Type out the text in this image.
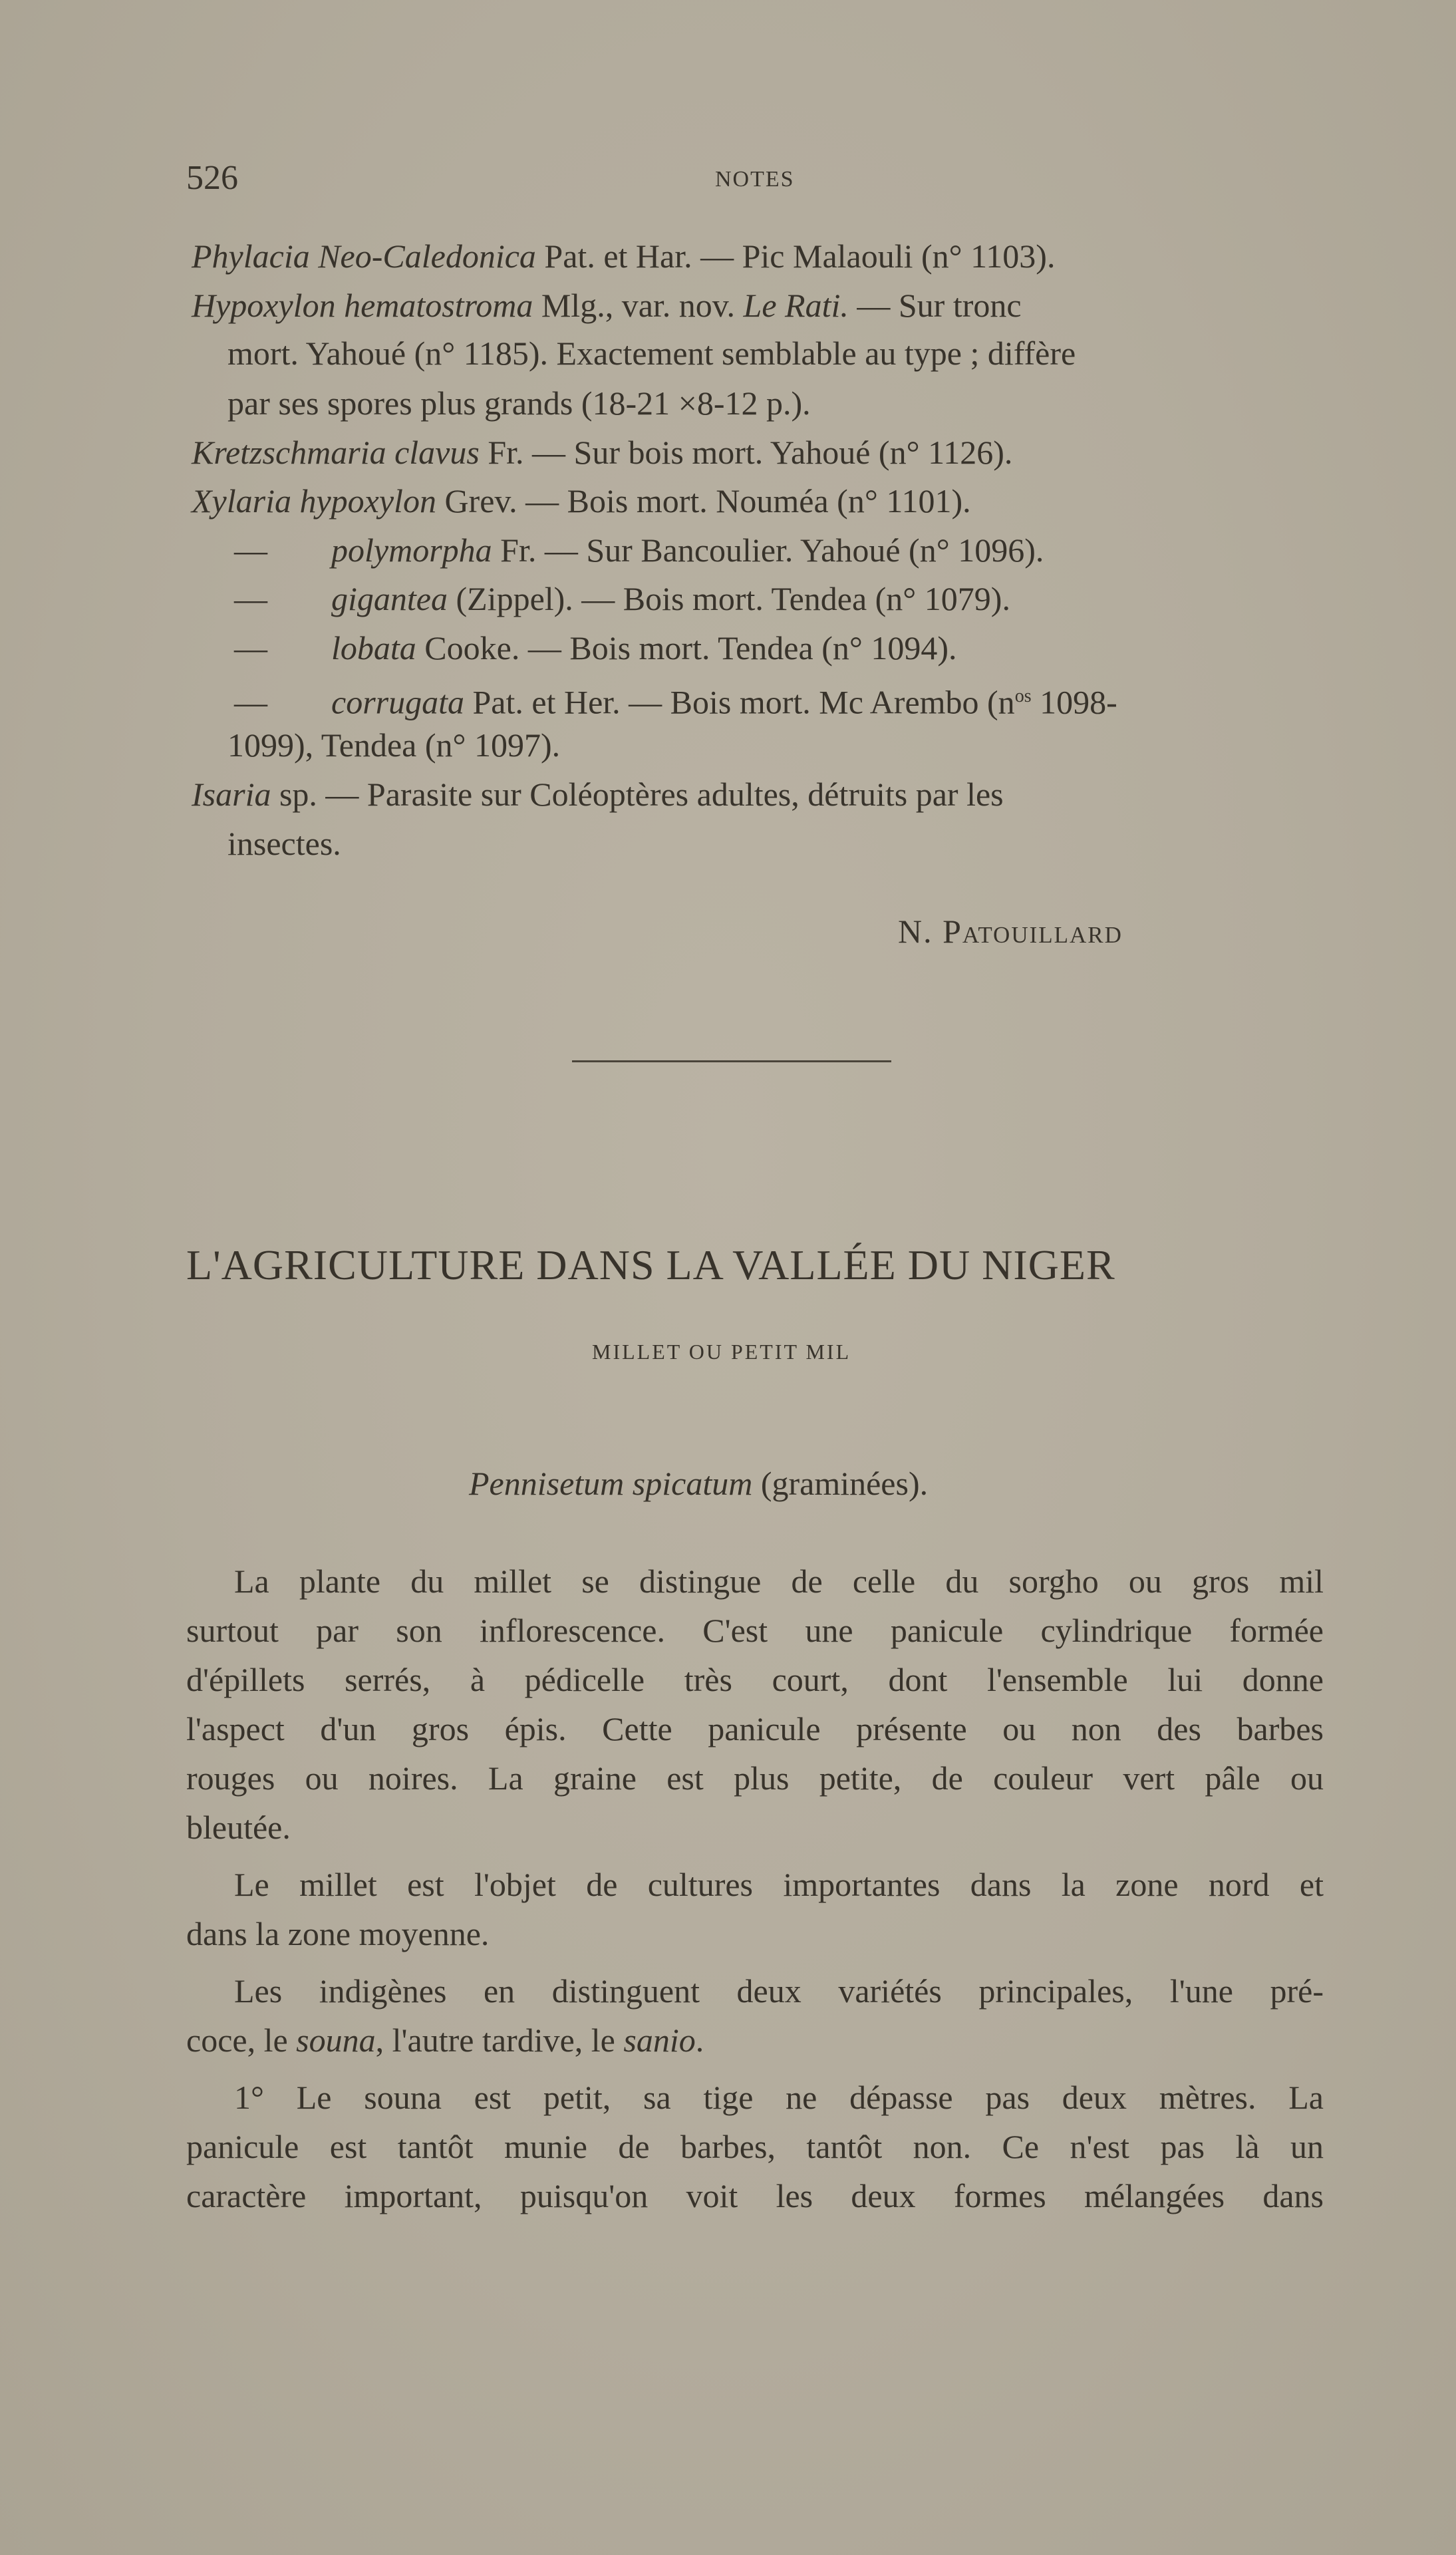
526	NOTES
Phylacia Neo-Caledonica Pat. et Har. — Pic Malaouli (n° 1103).
Hypoxylon hematostroma Mlg., var. nov. Le Rati. — Sur tronc
mort. Yahoué (n° 1185). Exactement semblable au type ; diffère
par ses spores plus grands (18-21 ×8-12 p.).
Kretzschmaria clavus Fr. — Sur bois mort. Yahoué (n° 1126).
Xylaria hypoxylon Grev. — Bois mort. Nouméa (n° 1101).
— polymorpha Fr. — Sur Bancoulier. Yahoué (n° 1096).
— gigantea (Zippel). — Bois mort. Tendea (n° 1079).
— lobata Cooke. — Bois mort. Tendea (n° 1094).
— corrugata Pat. et Her. — Bois mort. Mc Arembo ($n^{os}$ 1098-
1099), Tendea (n° 1097).
Isaria sp. — Parasite sur Coléoptères adultes, détruits par les
insectes.
N. Patouillard
L'AGRICULTURE DANS LA VALLÉE DU NIGER
MILLET OU PETIT MIL
Pennisetum spicatum (graminées).
La plante du millet se distingue de celle du sorgho ou gros mil
surtout par son inflorescence. C'est une panicule cylindrique formée
d'épillets serrés, à pédicelle très court, dont l'ensemble lui donne
l'aspect d'un gros épis. Cette panicule présente ou non des barbes
rouges ou noires. La graine est plus petite, de couleur vert pâle ou
bleutée.
Le millet est l'objet de cultures importantes dans la zone nord et
dans la zone moyenne.
Les indigènes en distinguent deux variétés principales, l'une pré-
coce, le souna, l'autre tardive, le sanio.
1° Le souna est petit, sa tige ne dépasse pas deux mètres. La
panicule est tantôt munie de barbes, tantôt non. Ce n'est pas là un
caractère important, puisqu'on voit les deux formes mélangées dans
